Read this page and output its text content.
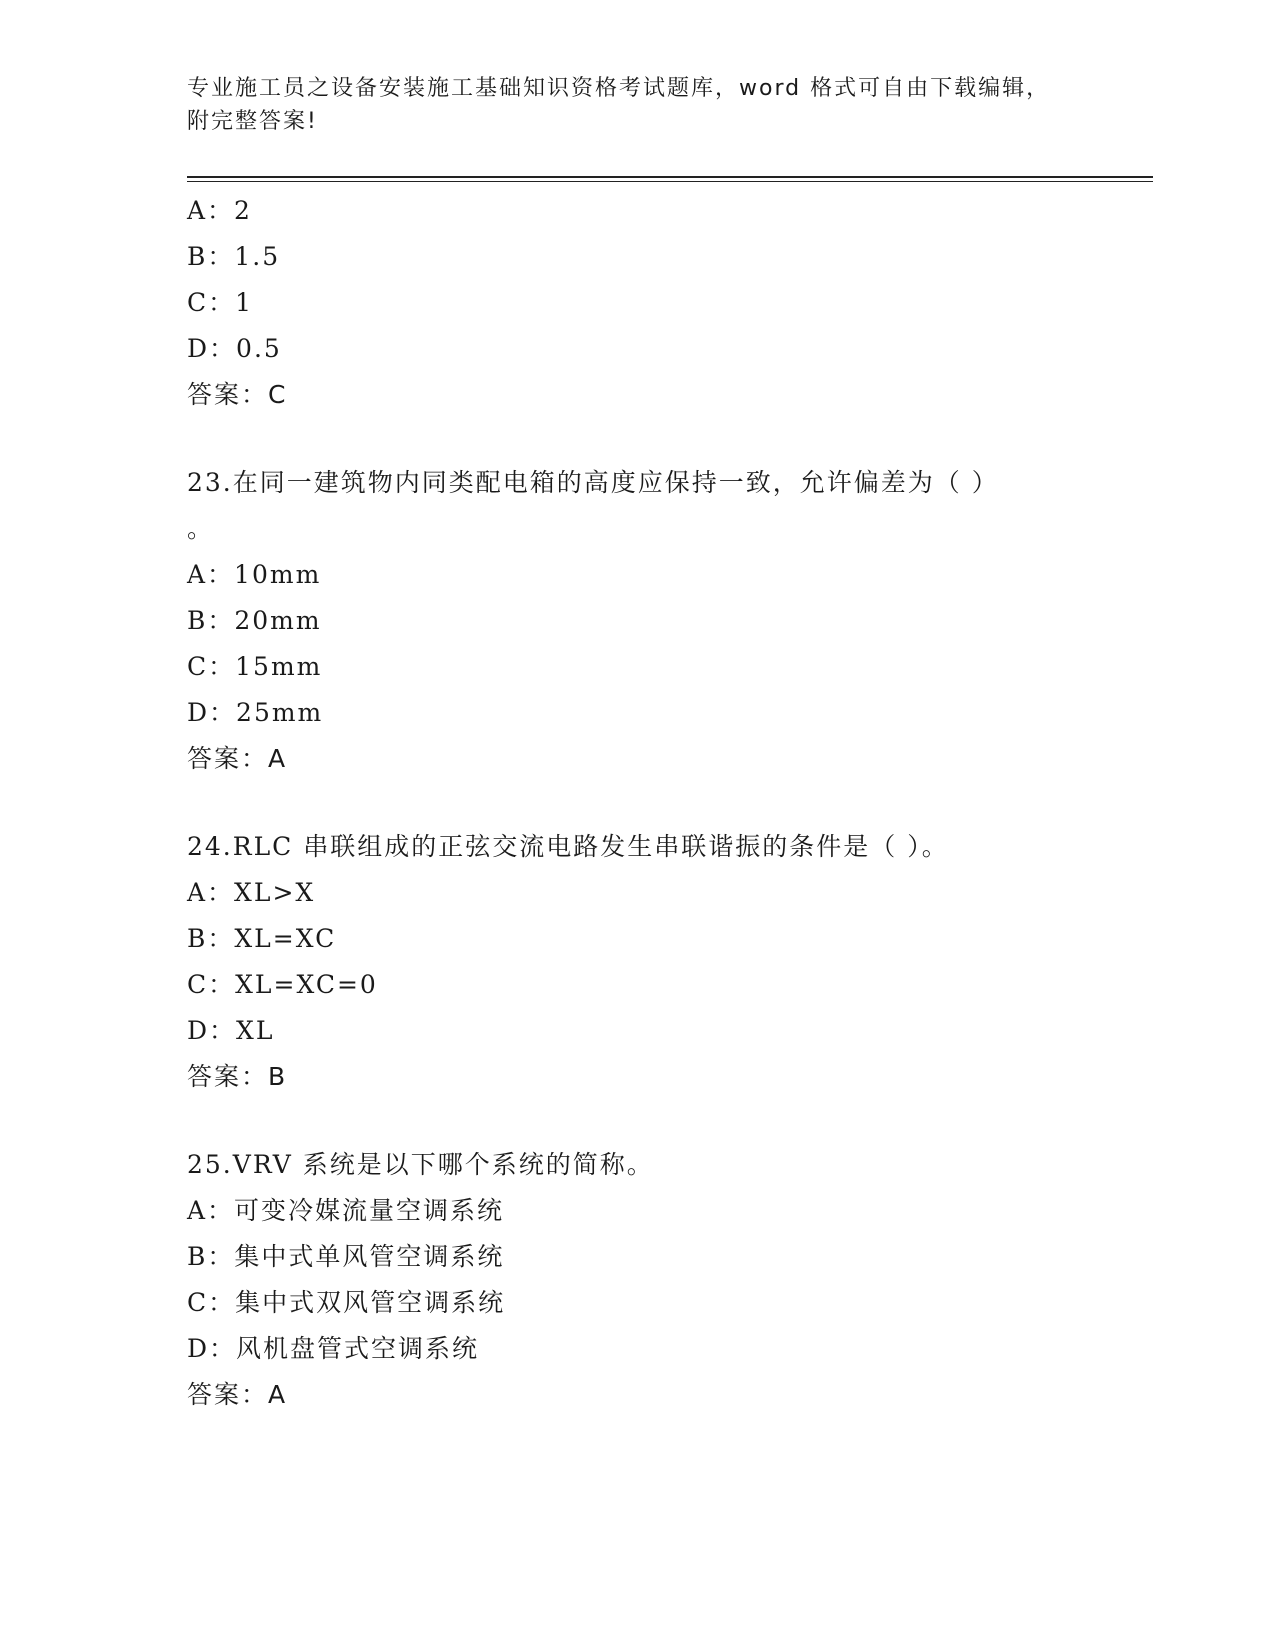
专业施工员之设备安装施工基础知识资格考试题库，word 格式可自由下载编辑，
附完整答案!
A：2
B：1.5
C：1
D：0.5
答案：C
23.在同一建筑物内同类配电箱的高度应保持一致，允许偏差为（ ）
。
A：10mm
B：20mm
C：15mm
D：25mm
答案：A
24.RLC 串联组成的正弦交流电路发生串联谐振的条件是（ ）。
A：XL>X
B：XL=XC
C：XL=XC=0
D：XL
答案：B
25.VRV 系统是以下哪个系统的简称。
A：可变冷媒流量空调系统
B：集中式单风管空调系统
C：集中式双风管空调系统
D：风机盘管式空调系统
答案：A
